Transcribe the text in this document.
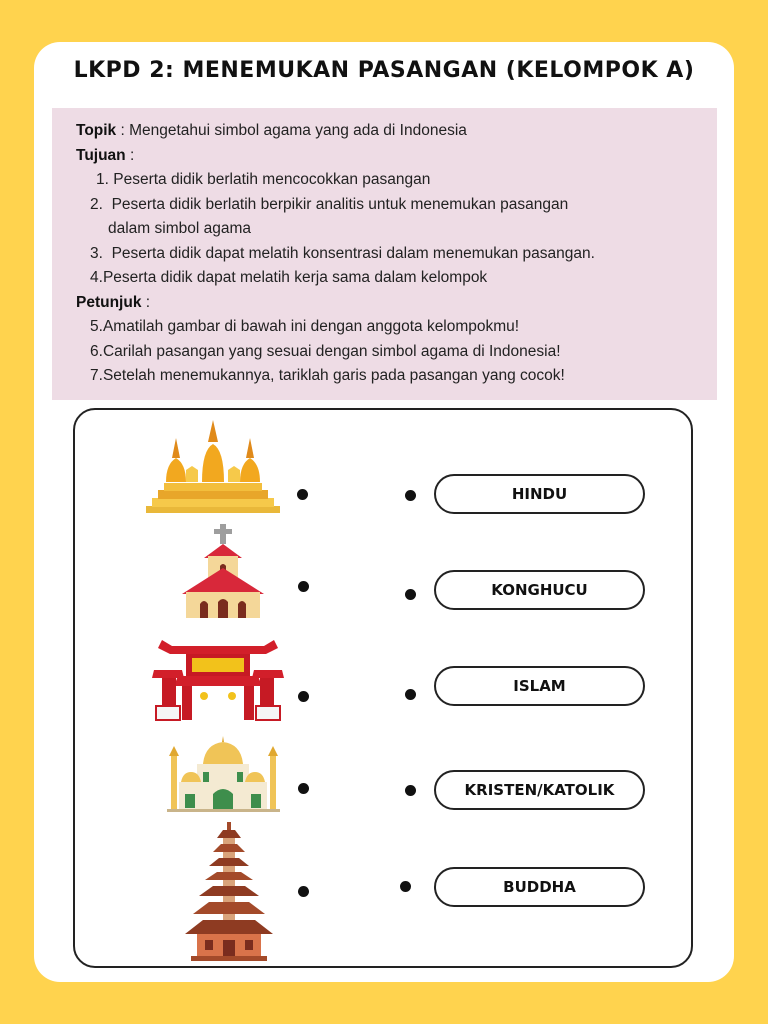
LKPD 2: MENEMUKAN PASANGAN (KELOMPOK A)

Topik : Mengetahui simbol agama yang ada di Indonesia

Tujuan :

1. Peserta didik berlatih mencocokkan pasangan

2. Peserta didik berlatih berpikir analitis untuk menemukan pasangan

dalam simbol agama

3. Peserta didik dapat melatih konsentrasi dalam menemukan pasangan.

4.Peserta didik dapat melatih kerja sama dalam kelompok

Petunjuk :

5.Amatilah gambar di bawah ini dengan anggota kelompokmu!

6.Carilah pasangan yang sesuai dengan simbol agama di Indonesia!

7.Setelah menemukannya, tariklah garis pada pasangan yang cocok!

HINDU
KONGHUCU
ISLAM
KRISTEN/KATOLIK
BUDDHA
